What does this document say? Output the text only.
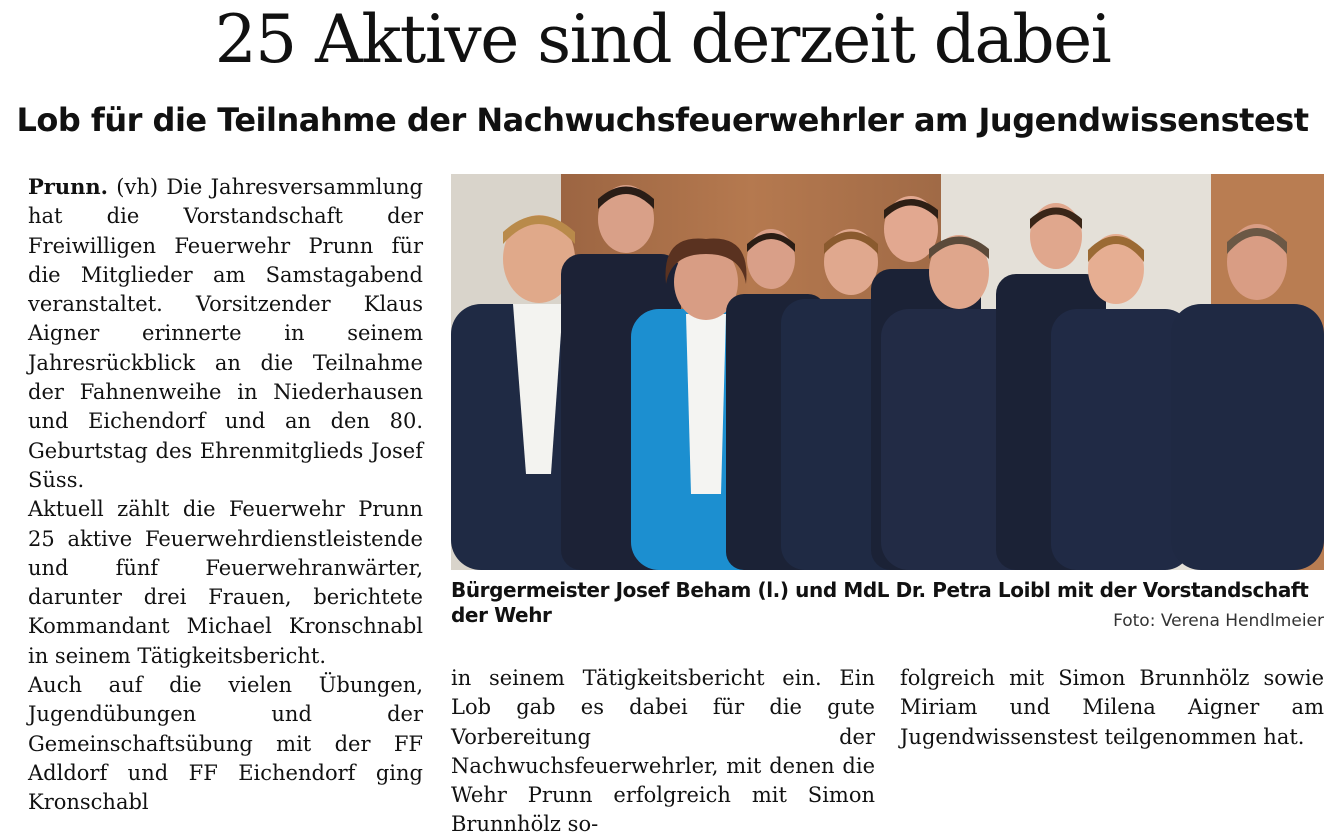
25 Aktive sind derzeit dabei
Lob für die Teilnahme der Nachwuchsfeuerwehrler am Jugendwissenstest

Prunn. (vh) Die Jahresversammlung hat die Vorstandschaft der Freiwilligen Feuerwehr Prunn für die Mitglieder am Samstagabend veranstaltet. Vorsitzender Klaus Aigner erinnerte in seinem Jahresrückblick an die Teilnahme der Fahnenweihe in Niederhausen und Eichendorf und an den 80. Geburtstag des Ehrenmitglieds Josef Süss.

Aktuell zählt die Feuerwehr Prunn 25 aktive Feuerwehrdienstleistende und fünf Feuerwehranwärter, darunter drei Frauen, berichtete Kommandant Michael Kronschnabl in seinem Tätigkeitsbericht.

Auch auf die vielen Übungen, Jugendübungen und der Gemeinschaftsübung mit der FF Adldorf und FF Eichendorf ging Kronschabl

Bürgermeister Josef Beham (l.) und MdL Dr. Petra Loibl mit der Vorstandschaft der Wehr	Foto: Verena Hendlmeier

in seinem Tätigkeitsbericht ein. Ein Lob gab es dabei für die gute Vorbereitung der Nachwuchsfeuerwehrler, mit denen die Wehr Prunn erfolgreich mit Simon Brunnhölz so-

folgreich mit Simon Brunnhölz sowie Miriam und Milena Aigner am Jugendwissenstest teilgenommen hat.
